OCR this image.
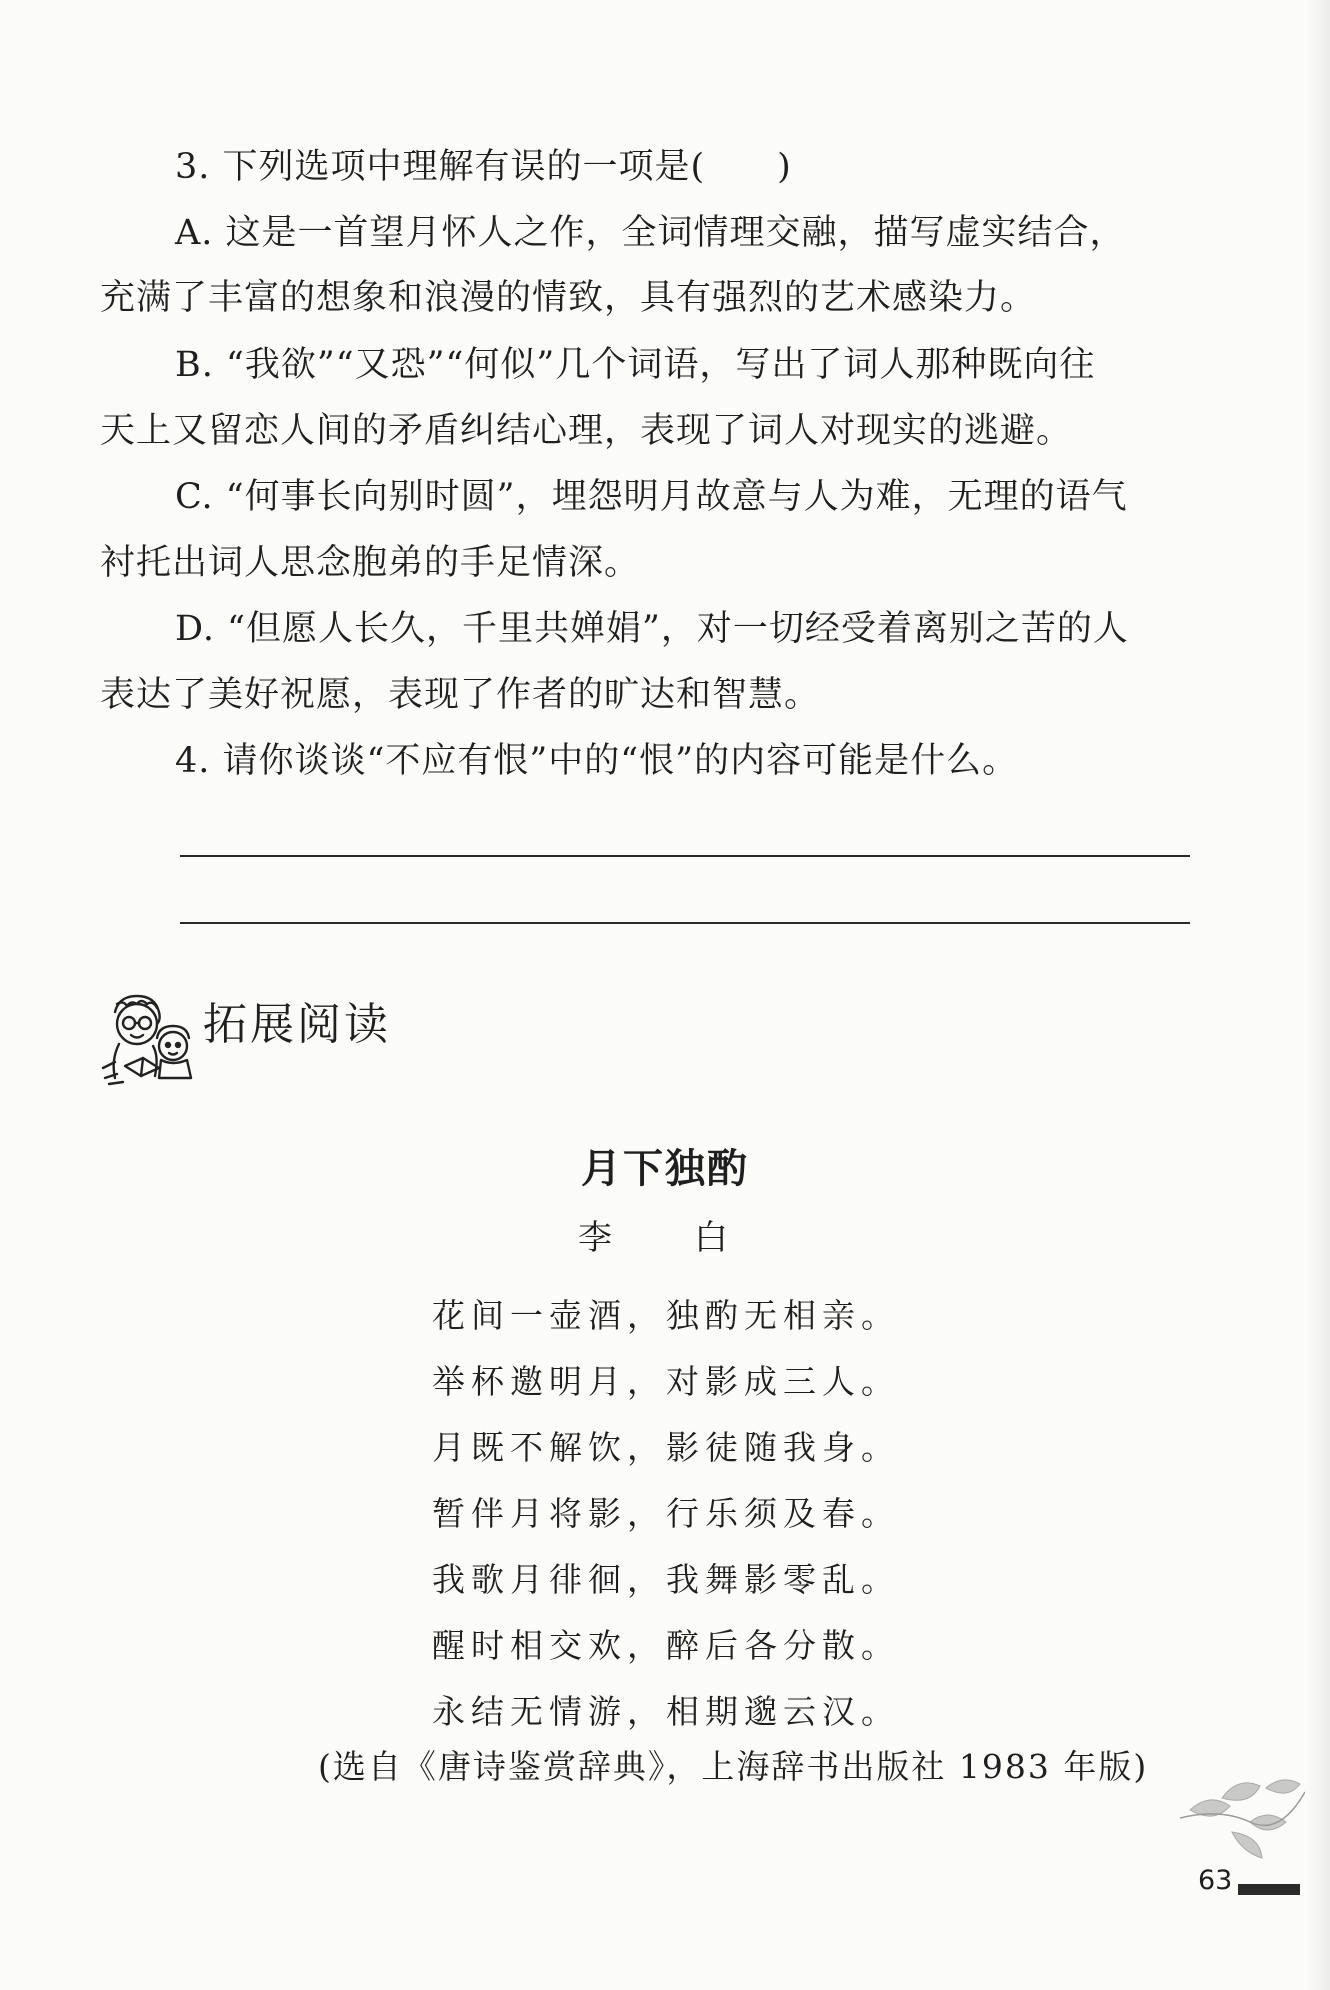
3. 下列选项中理解有误的一项是(　　)
A. 这是一首望月怀人之作，全词情理交融，描写虚实结合，
充满了丰富的想象和浪漫的情致，具有强烈的艺术感染力。
B. “我欲”“又恐”“何似”几个词语，写出了词人那种既向往
天上又留恋人间的矛盾纠结心理，表现了词人对现实的逃避。
C. “何事长向别时圆”，埋怨明月故意与人为难，无理的语气
衬托出词人思念胞弟的手足情深。
D. “但愿人长久，千里共婵娟”，对一切经受着离别之苦的人
表达了美好祝愿，表现了作者的旷达和智慧。
4. 请你谈谈“不应有恨”中的“恨”的内容可能是什么。
拓展阅读
月下独酌
李　白
花间一壶酒，独酌无相亲。
举杯邀明月，对影成三人。
月既不解饮，影徒随我身。
暂伴月将影，行乐须及春。
我歌月徘徊，我舞影零乱。
醒时相交欢，醉后各分散。
永结无情游，相期邈云汉。
(选自《唐诗鉴赏辞典》，上海辞书出版社 1983 年版)
63
